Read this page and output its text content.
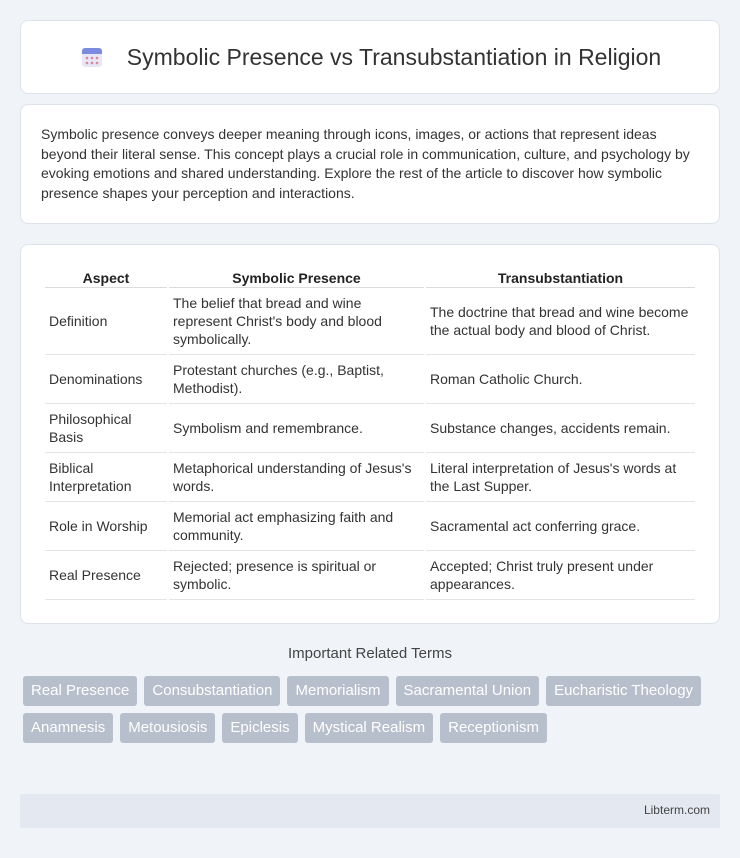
Symbolic Presence vs Transubstantiation in Religion

Symbolic presence conveys deeper meaning through icons, images, or actions that represent ideas beyond their literal sense. This concept plays a crucial role in communication, culture, and psychology by evoking emotions and shared understanding. Explore the rest of the article to discover how symbolic presence shapes your perception and interactions.

Aspect	Symbolic Presence	Transubstantiation
Definition	The belief that bread and wine represent Christ's body and blood symbolically.	The doctrine that bread and wine become the actual body and blood of Christ.
Denominations	Protestant churches (e.g., Baptist, Methodist).	Roman Catholic Church.
Philosophical Basis	Symbolism and remembrance.	Substance changes, accidents remain.
Biblical Interpretation	Metaphorical understanding of Jesus's words.	Literal interpretation of Jesus's words at the Last Supper.
Role in Worship	Memorial act emphasizing faith and community.	Sacramental act conferring grace.
Real Presence	Rejected; presence is spiritual or symbolic.	Accepted; Christ truly present under appearances.
Important Related Terms
Real Presence	Consubstantiation	Memorialism	Sacramental Union	Eucharistic Theology
Anamnesis	Metousiosis	Epiclesis	Mystical Realism	Receptionism
Libterm.com
